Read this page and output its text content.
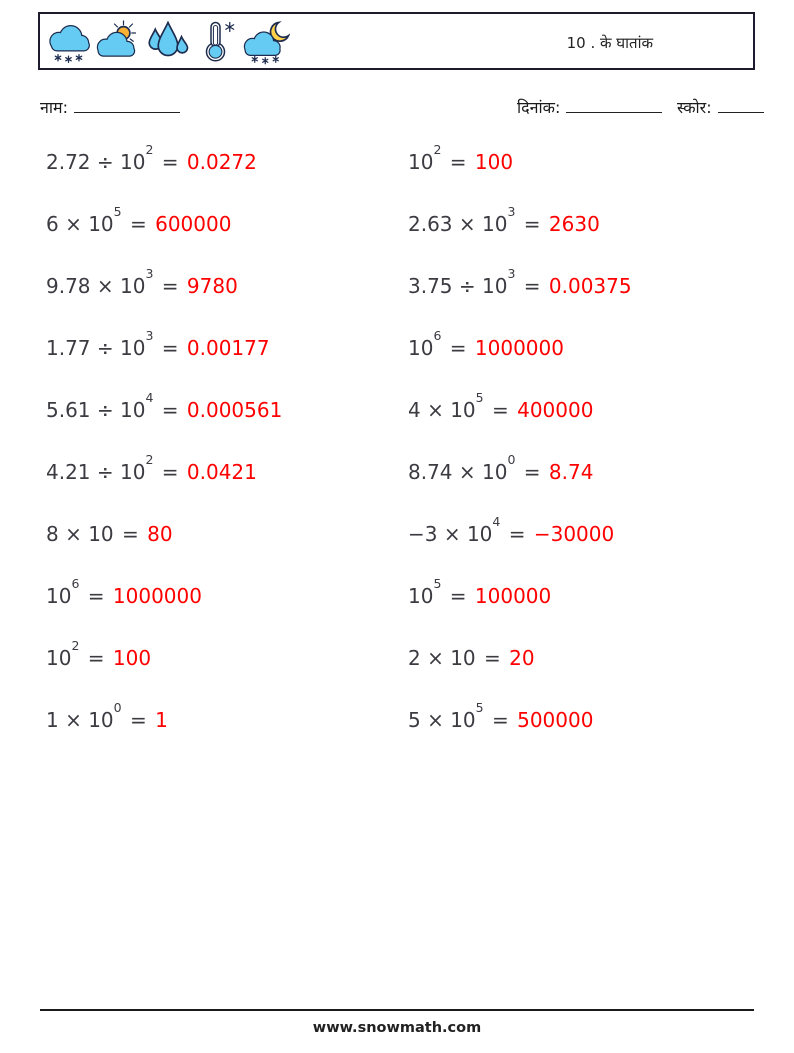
10 . के घातांक
नाम:	दिनांक:	स्कोर:
$2.72 \div 10^2 = 0.0272$
$6 \times 10^5 = 600000$
$9.78 \times 10^3 = 9780$
$1.77 \div 10^3 = 0.00177$
$5.61 \div 10^4 = 0.000561$
$4.21 \div 10^2 = 0.0421$
8 × 10 = 80
$10^6 = 1000000$
$10^2 = 100$
$1 \times 10^0 = 1$
$10^2 = 100$
$2.63 \times 10^3 = 2630$
$3.75 \div 10^3 = 0.00375$
$10^6 = 1000000$
$4 \times 10^5 = 400000$
$8.74 \times 10^0 = 8.74$
$-3 \times 10^4 = -30000$
$10^5 = 100000$
2 × 10 = 20
$5 \times 10^5 = 500000$
www.snowmath.com
